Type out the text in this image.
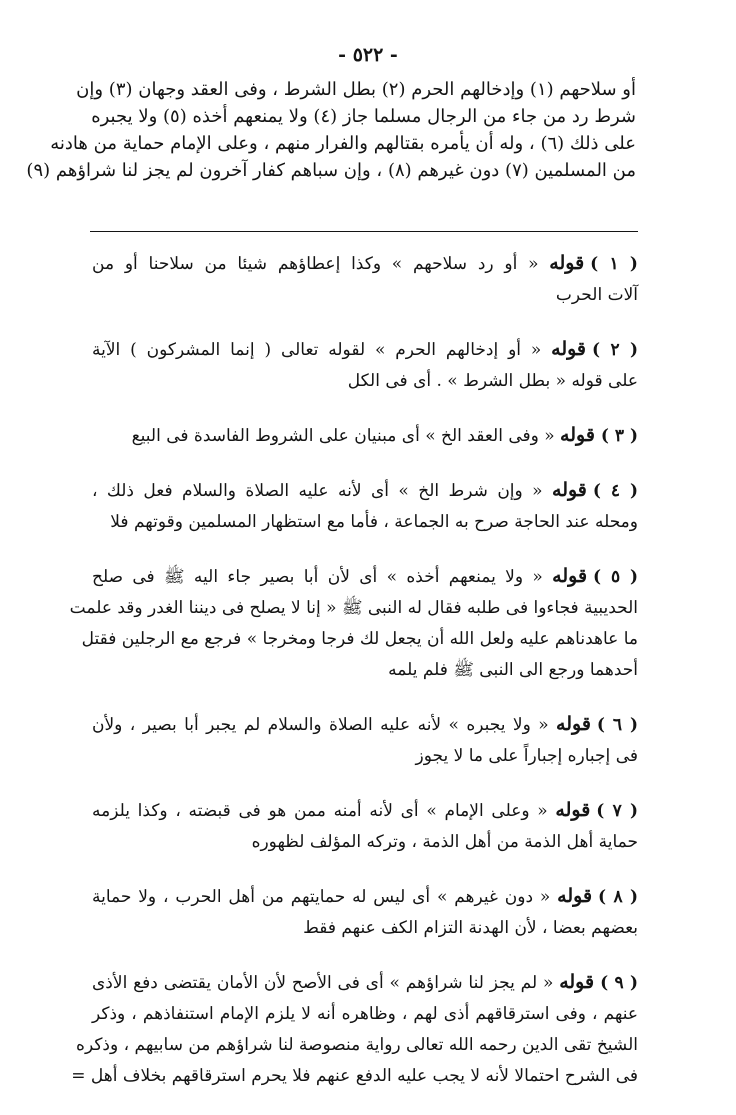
- ٥٢٢ -
أو سلاحهم (١) وإدخالهم الحرم (٢) بطل الشرط ، وفى العقد وجهان (٣) وإن
شرط رد من جاء من الرجال مسلما جاز (٤) ولا يمنعهم أخذه (٥) ولا يجبره
على ذلك (٦) ، وله أن يأمره بقتالهم والفرار منهم ، وعلى الإمام حماية من هادنه
من المسلمين (٧) دون غيرهم (٨) ، وإن سباهم كفار آخرون لم يجز لنا شراؤهم (٩)
( ١ )قوله « أو رد سلاحهم » وكذا إعطاؤهم شيئا من سلاحنا أو من
آلات الحرب
( ٢ )قوله « أو إدخالهم الحرم » لقوله تعالى ( إنما المشركون ) الآية
على قوله « بطل الشرط » . أى فى الكل
( ٣ )قوله « وفى العقد الخ » أى مبنيان على الشروط الفاسدة فى البيع
( ٤ )قوله « وإن شرط الخ » أى لأنه عليه الصلاة والسلام فعل ذلك ،
ومحله عند الحاجة صرح به الجماعة ، فأما مع استظهار المسلمين وقوتهم فلا
( ٥ )قوله « ولا يمنعهم أخذه » أى لأن أبا بصير جاء اليه ﷺ فى صلح
الحديبية فجاءوا فى طلبه فقال له النبى ﷺ « إنا لا يصلح فى ديننا الغدر وقد علمت
ما عاهدناهم عليه ولعل الله أن يجعل لك فرجا ومخرجا » فرجع مع الرجلين فقتل
أحدهما ورجع الى النبى ﷺ فلم يلمه
( ٦ )قوله « ولا يجبره » لأنه عليه الصلاة والسلام لم يجبر أبا بصير ، ولأن
فى إجباره إجباراً على ما لا يجوز
( ٧ )قوله « وعلى الإمام » أى لأنه أمنه ممن هو فى قبضته ، وكذا يلزمه
حماية أهل الذمة من أهل الذمة ، وتركه المؤلف لظهوره
( ٨ )قوله « دون غيرهم » أى ليس له حمايتهم من أهل الحرب ، ولا حماية
بعضهم بعضا ، لأن الهدنة التزام الكف عنهم فقط
( ٩ )قوله « لم يجز لنا شراؤهم » أى فى الأصح لأن الأمان يقتضى دفع الأذى
عنهم ، وفى استرقاقهم أذى لهم ، وظاهره أنه لا يلزم الإمام استنفاذهم ، وذكر
الشيخ تقى الدين رحمه الله تعالى رواية منصوصة لنا شراؤهم من سابيهم ، وذكره
فى الشرح احتمالا لأنه لا يجب عليه الدفع عنهم فلا يحرم استرقاقهم بخلاف أهل =
